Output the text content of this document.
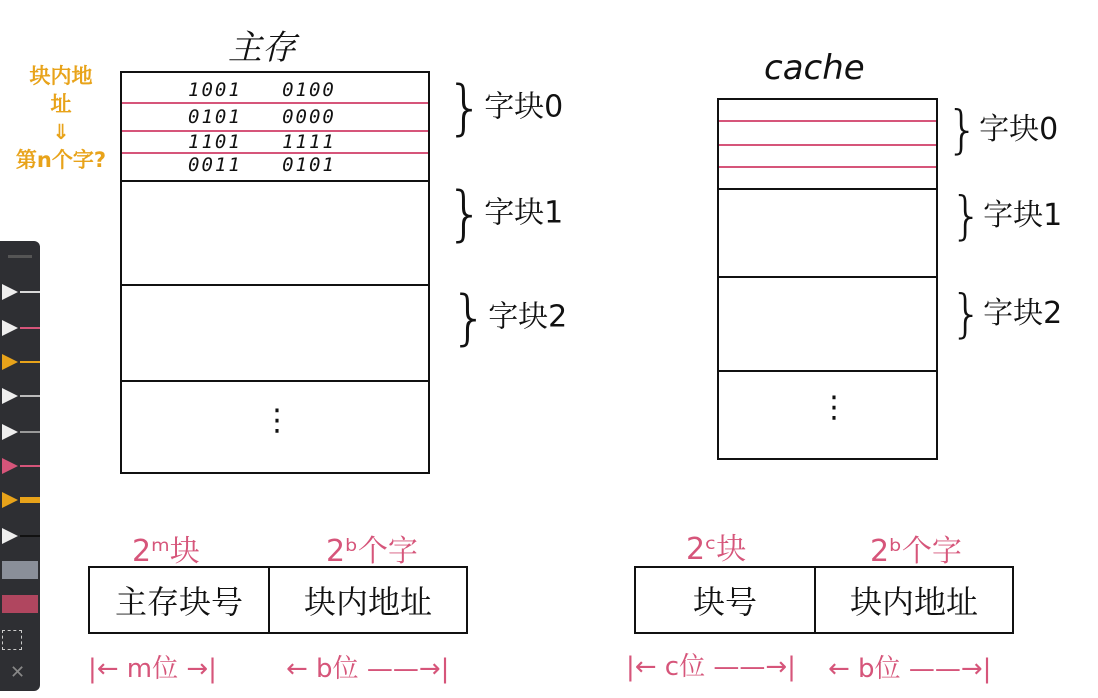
✕
块内地
址
⇓
第n个字?
主存
1001 0100
0101 0000
1101 1111
0011 0101
⋮
}字块0
}字块1
}字块2
cache
⋮
}字块0
}字块1
}字块2
2ᵐ块	2ᵇ个字
主存块号	块内地址
|← m位 →|	← b位 ——→|
2ᶜ块	2ᵇ个字
块号	块内地址
|← c位 ——→| ← b位 ——→|
